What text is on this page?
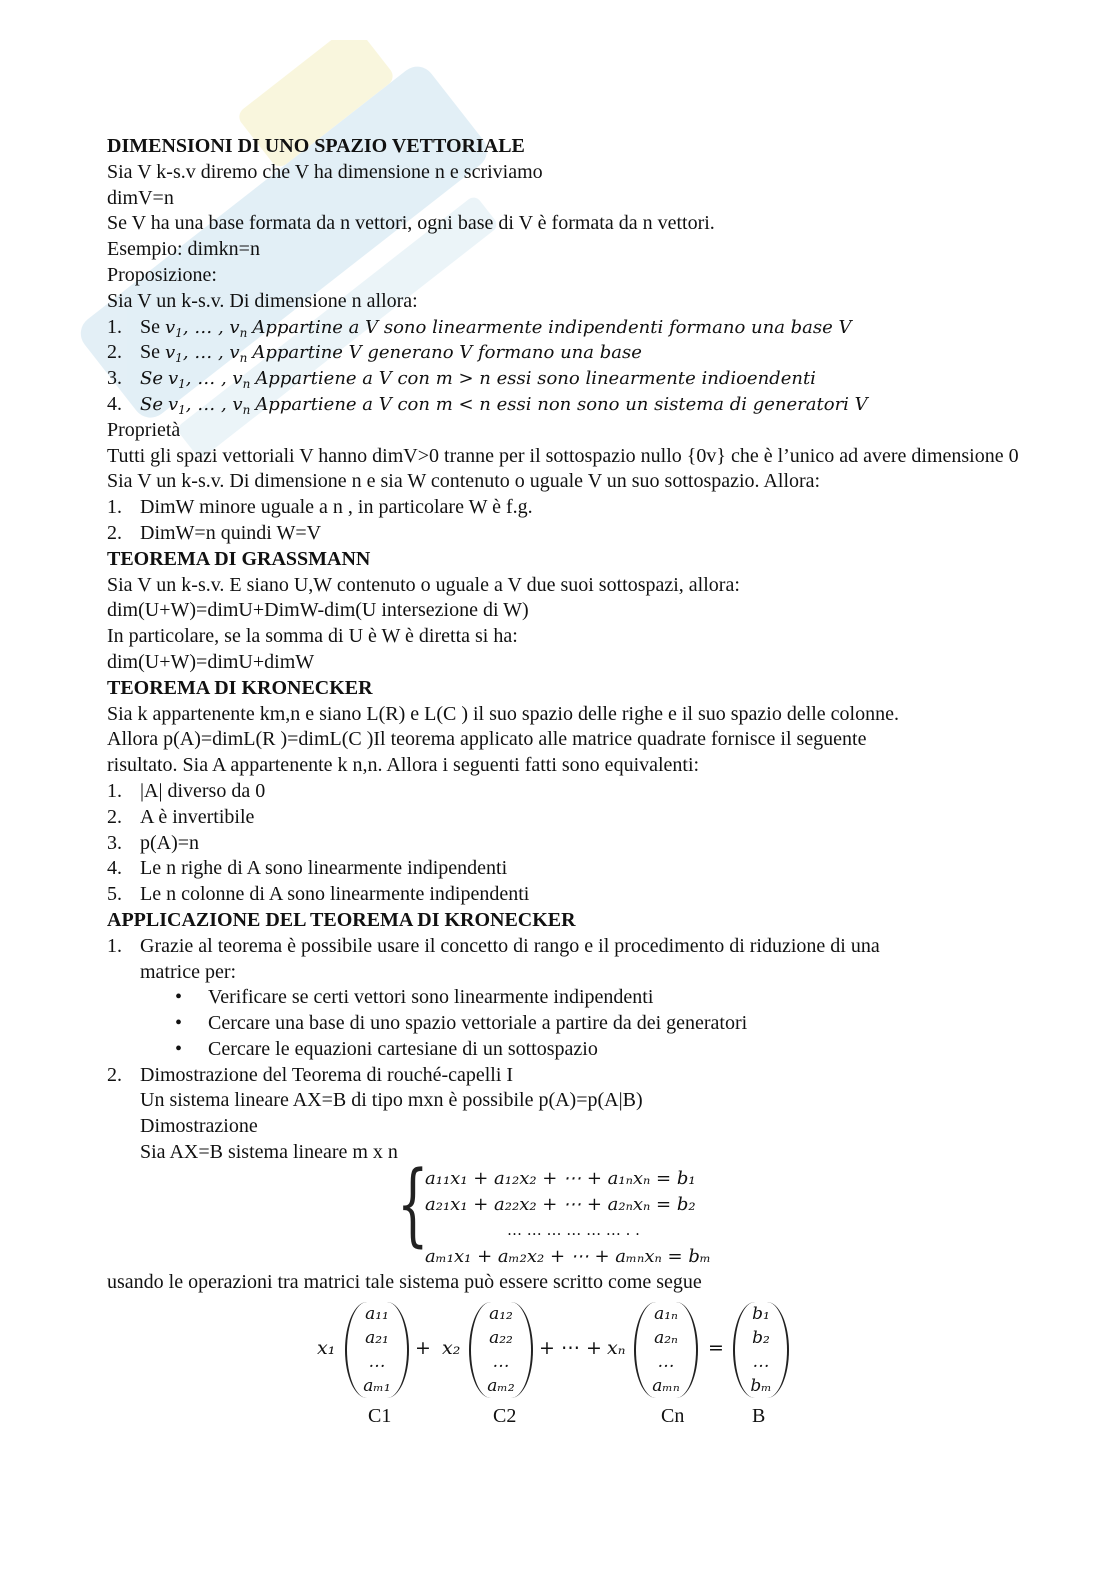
DIMENSIONI DI UNO SPAZIO VETTORIALE
Sia V k-s.v diremo che V ha dimensione n e scriviamo
dimV=n
Se V ha una base formata da n vettori, ogni base di V è formata da n vettori.
Esempio: dimkn=n
Proposizione:
Sia V un k-s.v. Di dimensione n allora:
1. Se $v_1$, … , $v_n$ Appartine a V sono linearmente indipendenti formano una base V
2. Se $v_1$, … , $v_n$ Appartine V generano V formano una base
3. Se $v_1$, … , $v_n$ Appartiene a V con m > n essi sono linearmente indioendenti
4. Se $v_1$, … , $v_n$ Appartiene a V con m < n essi non sono un sistema di generatori V
Proprietà
Tutti gli spazi vettoriali V hanno dimV>0 tranne per il sottospazio nullo {0v} che è l’unico ad avere dimensione 0
Sia V un k-s.v. Di dimensione n e sia W contenuto o uguale V un suo sottospazio. Allora:
1. DimW minore uguale a n , in particolare W è f.g.
2. DimW=n quindi W=V
TEOREMA DI GRASSMANN
Sia V un k-s.v. E siano U,W contenuto o uguale a V due suoi sottospazi, allora:
dim(U+W)=dimU+DimW-dim(U intersezione di W)
In particolare, se la somma di U è W è diretta si ha:
dim(U+W)=dimU+dimW
TEOREMA DI KRONECKER
Sia k appartenente km,n e siano L(R) e L(C ) il suo spazio delle righe e il suo spazio delle colonne.
Allora p(A)=dimL(R )=dimL(C )Il teorema applicato alle matrice quadrate fornisce il seguente
risultato. Sia A appartenente k n,n. Allora i seguenti fatti sono equivalenti:
1. |A| diverso da 0
2. A è invertibile
3. p(A)=n
4. Le n righe di A sono linearmente indipendenti
5. Le n colonne di A sono linearmente indipendenti
APPLICAZIONE DEL TEOREMA DI KRONECKER
1. Grazie al teorema è possibile usare il concetto di rango e il procedimento di riduzione di una
matrice per:
• Verificare se certi vettori sono linearmente indipendenti
• Cercare una base di uno spazio vettoriale a partire da dei generatori
• Cercare le equazioni cartesiane di un sottospazio
2. Dimostrazione del Teorema di rouché-capelli I
Un sistema lineare AX=B di tipo mxn è possibile p(A)=p(A|B)
Dimostrazione
Sia AX=B sistema lineare m x n {
a₁₁x₁ + a₁₂x₂ + ⋯ + a₁ₙxₙ = b₁
a₂₁x₁ + a₂₂x₂ + ⋯ + a₂ₙxₙ = b₂
… … … … … … . .
aₘ₁x₁ + aₘ₂x₂ + ⋯ + aₘₙxₙ = bₘ
usando le operazioni tra matrici tale sistema può essere scritto come segue
x₁
a₁₁
a₂₁
…
aₘ₁
+ x₂
a₁₂
a₂₂
…
aₘ₂
+ ⋯ + xₙ
a₁ₙ
a₂ₙ
…
aₘₙ
=
b₁
b₂
…
bₘ
C1	C2	Cn	B
